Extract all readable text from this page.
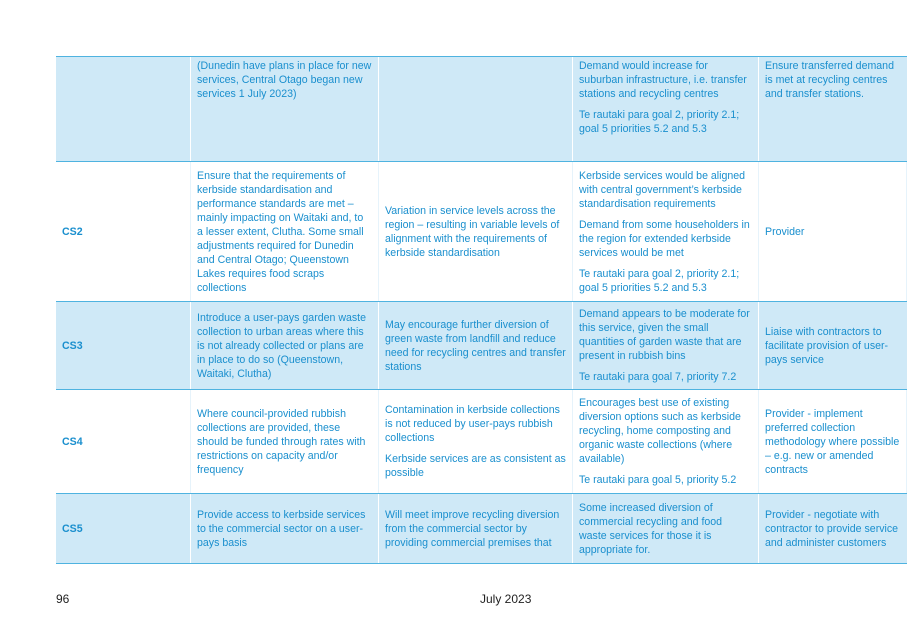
(Dunedin have plans in place for new services, Central Otago began new services 1 July 2023)

Demand would increase for suburban infrastructure, i.e. transfer stations and recycling centres

Te rautaki para goal 2, priority 2.1; goal 5 priorities 5.2 and 5.3

Ensure transferred demand is met at recycling centres and transfer stations.

CS2

Ensure that the requirements of kerbside standardisation and performance standards are met – mainly impacting on Waitaki and, to a lesser extent, Clutha. Some small adjustments required for Dunedin and Central Otago; Queenstown Lakes requires food scraps collections

Variation in service levels across the region – resulting in variable levels of alignment with the requirements of kerbside standardisation

Kerbside services would be aligned with central government’s kerbside standardisation requirements

Demand from some householders in the region for extended kerbside services would be met

Te rautaki para goal 2, priority 2.1; goal 5 priorities 5.2 and 5.3

Provider

CS3

Introduce a user-pays garden waste collection to urban areas where this is not already collected or plans are in place to do so (Queenstown, Waitaki, Clutha)

May encourage further diversion of green waste from landfill and reduce need for recycling centres and transfer stations

Demand appears to be moderate for this service, given the small quantities of garden waste that are present in rubbish bins

Te rautaki para goal 7, priority 7.2

Liaise with contractors to facilitate provision of user-pays service

CS4

Where council-provided rubbish collections are provided, these should be funded through rates with restrictions on capacity and/or frequency

Contamination in kerbside collections is not reduced by user-pays rubbish collections

Kerbside services are as consistent as possible

Encourages best use of existing diversion options such as kerbside recycling, home composting and organic waste collections (where available)

Te rautaki para goal 5, priority 5.2

Provider - implement preferred collection methodology where possible – e.g. new or amended contracts

CS5

Provide access to kerbside services to the commercial sector on a user-pays basis

Will meet improve recycling diversion from the commercial sector by providing commercial premises that

Some increased diversion of commercial recycling and food waste services for those it is appropriate for.

Provider - negotiate with contractor to provide service and administer customers

96	July 2023
